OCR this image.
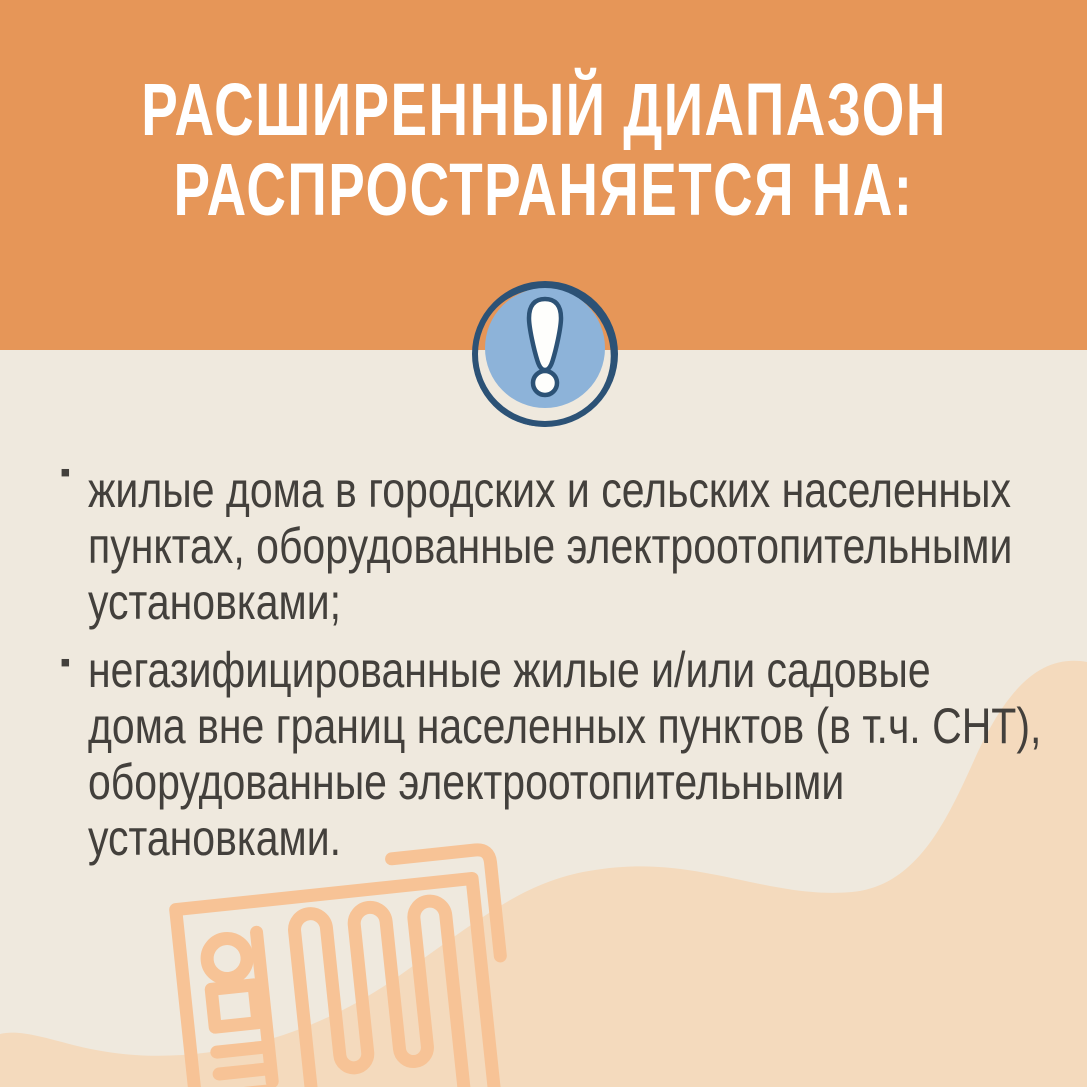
РАСШИРЕННЫЙ ДИАПАЗОН
РАСПРОСТРАНЯЕТСЯ НА:
▪ жилые дома в городских и сельских населенных
пунктах, оборудованные электроотопительными
установками;
▪ негазифицированные жилые и/или садовые
дома вне границ населенных пунктов (в т.ч. СНТ),
оборудованные электроотопительными
установками.
